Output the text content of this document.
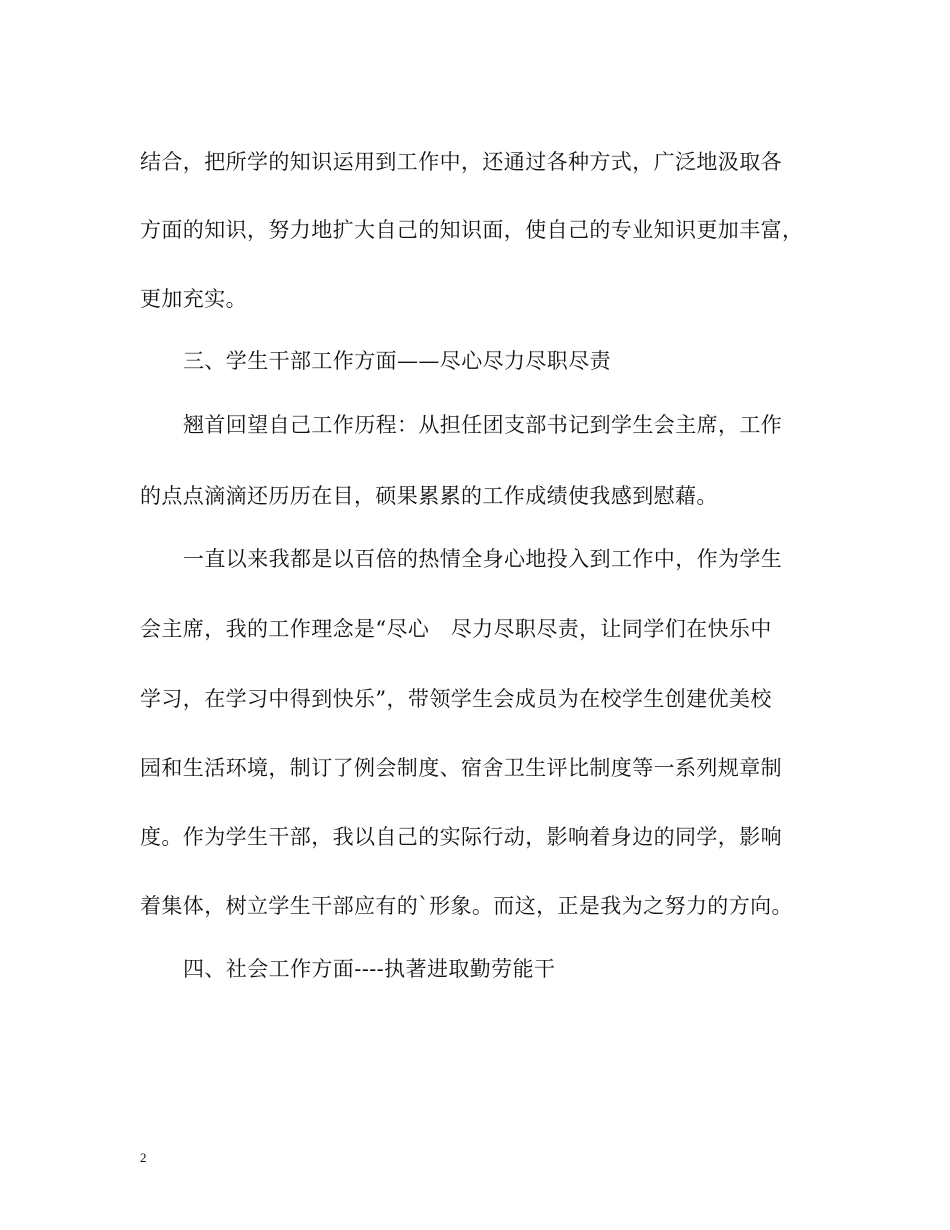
结合，把所学的知识运用到工作中，还通过各种方式，广泛地汲取各
方面的知识，努力地扩大自己的知识面，使自己的专业知识更加丰富，
更加充实。
三、学生干部工作方面——尽心尽力尽职尽责
翘首回望自己工作历程：从担任团支部书记到学生会主席，工作
的点点滴滴还历历在目，硕果累累的工作成绩使我感到慰藉。
一直以来我都是以百倍的热情全身心地投入到工作中，作为学生
会主席，我的工作理念是“尽心　尽力尽职尽责，让同学们在快乐中
学习，在学习中得到快乐”，带领学生会成员为在校学生创建优美校
园和生活环境，制订了例会制度、宿舍卫生评比制度等一系列规章制
度。作为学生干部，我以自己的实际行动，影响着身边的同学，影响
着集体，树立学生干部应有的`形象。而这，正是我为之努力的方向。
四、社会工作方面----执著进取勤劳能干
2
